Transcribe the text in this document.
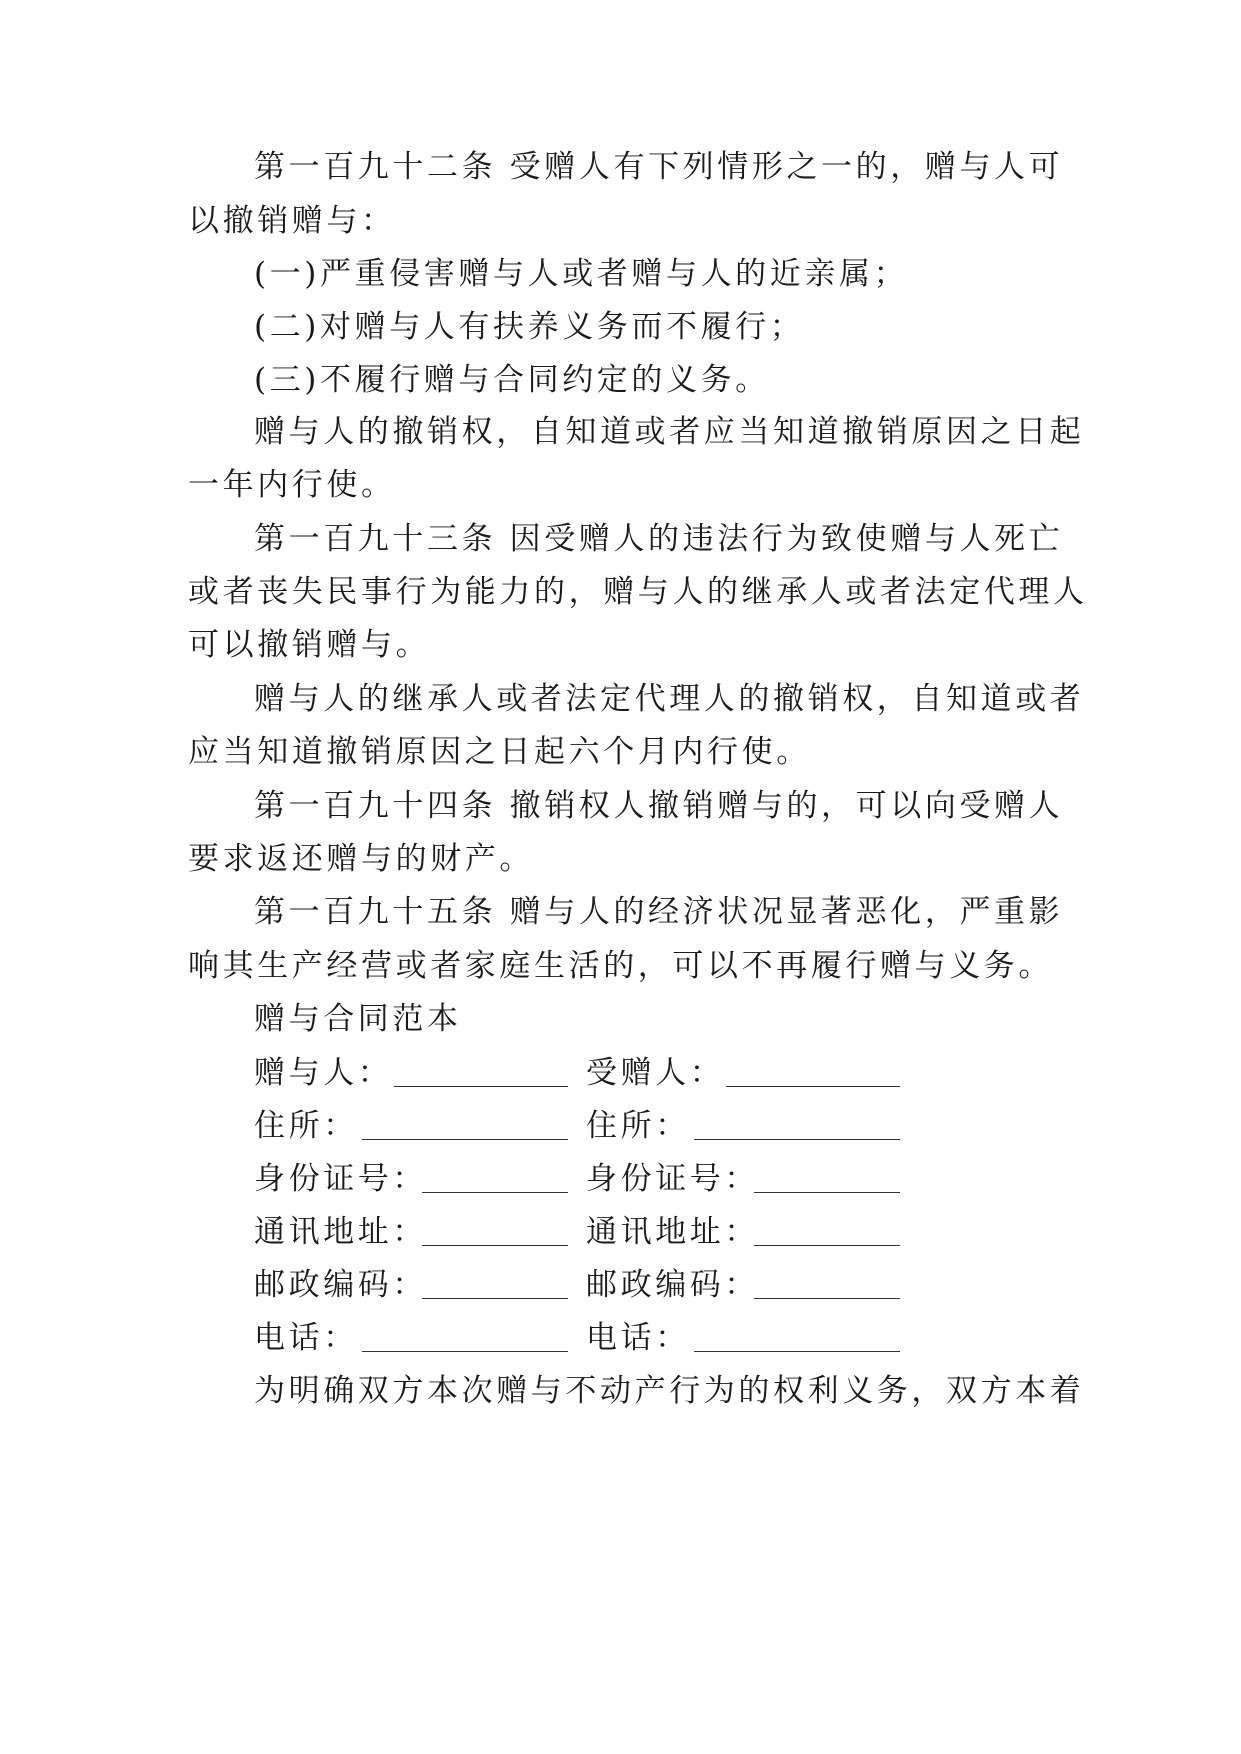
第一百九十二条 受赠人有下列情形之一的，赠与人可
以撤销赠与：
(一)严重侵害赠与人或者赠与人的近亲属；
(二)对赠与人有扶养义务而不履行；
(三)不履行赠与合同约定的义务。
赠与人的撤销权，自知道或者应当知道撤销原因之日起
一年内行使。
第一百九十三条 因受赠人的违法行为致使赠与人死亡
或者丧失民事行为能力的，赠与人的继承人或者法定代理人
可以撤销赠与。
赠与人的继承人或者法定代理人的撤销权，自知道或者
应当知道撤销原因之日起六个月内行使。
第一百九十四条 撤销权人撤销赠与的，可以向受赠人
要求返还赠与的财产。
第一百九十五条 赠与人的经济状况显著恶化，严重影
响其生产经营或者家庭生活的，可以不再履行赠与义务。
赠与合同范本
赠与人：	受赠人：
住所：	住所：
身份证号：	身份证号：
通讯地址：	通讯地址：
邮政编码：	邮政编码：
电话：	电话：
为明确双方本次赠与不动产行为的权利义务，双方本着
